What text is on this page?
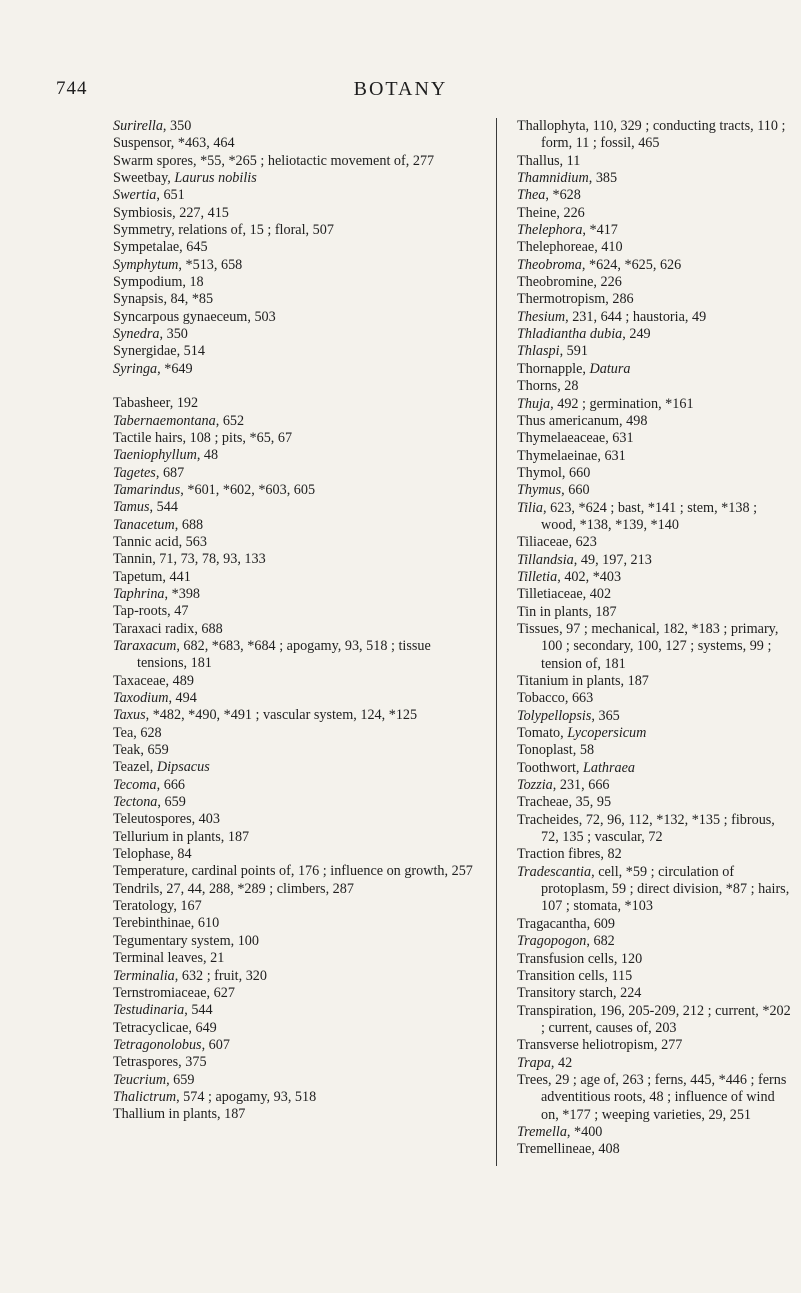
744	BOTANY
Surirella, 350
Suspensor, *463, 464
Swarm spores, *55, *265 ; heliotactic movement of, 277
Sweetbay, Laurus nobilis
Swertia, 651
Symbiosis, 227, 415
Symmetry, relations of, 15 ; floral, 507
Sympetalae, 645
Symphytum, *513, 658
Sympodium, 18
Synapsis, 84, *85
Syncarpous gynaeceum, 503
Synedra, 350
Synergidae, 514
Syringa, *649
Tabasheer, 192
Tabernaemontana, 652
Tactile hairs, 108 ; pits, *65, 67
Taeniophyllum, 48
Tagetes, 687
Tamarindus, *601, *602, *603, 605
Tamus, 544
Tanacetum, 688
Tannic acid, 563
Tannin, 71, 73, 78, 93, 133
Tapetum, 441
Taphrina, *398
Tap-roots, 47
Taraxaci radix, 688
Taraxacum, 682, *683, *684 ; apogamy, 93, 518 ; tissue tensions, 181
Taxaceae, 489
Taxodium, 494
Taxus, *482, *490, *491 ; vascular system, 124, *125
Tea, 628
Teak, 659
Teazel, Dipsacus
Tecoma, 666
Tectona, 659
Teleutospores, 403
Tellurium in plants, 187
Telophase, 84
Temperature, cardinal points of, 176 ; influence on growth, 257
Tendrils, 27, 44, 288, *289 ; climbers, 287
Teratology, 167
Terebinthinae, 610
Tegumentary system, 100
Terminal leaves, 21
Terminalia, 632 ; fruit, 320
Ternstromiaceae, 627
Testudinaria, 544
Tetracyclicae, 649
Tetragonolobus, 607
Tetraspores, 375
Teucrium, 659
Thalictrum, 574 ; apogamy, 93, 518
Thallium in plants, 187
Thallophyta, 110, 329 ; conducting tracts, 110 ; form, 11 ; fossil, 465
Thallus, 11
Thamnidium, 385
Thea, *628
Theine, 226
Thelephora, *417
Thelephoreae, 410
Theobroma, *624, *625, 626
Theobromine, 226
Thermotropism, 286
Thesium, 231, 644 ; haustoria, 49
Thladiantha dubia, 249
Thlaspi, 591
Thornapple, Datura
Thorns, 28
Thuja, 492 ; germination, *161
Thus americanum, 498
Thymelaeaceae, 631
Thymelaeinae, 631
Thymol, 660
Thymus, 660
Tilia, 623, *624 ; bast, *141 ; stem, *138 ; wood, *138, *139, *140
Tiliaceae, 623
Tillandsia, 49, 197, 213
Tilletia, 402, *403
Tilletiaceae, 402
Tin in plants, 187
Tissues, 97 ; mechanical, 182, *183 ; primary, 100 ; secondary, 100, 127 ; systems, 99 ; tension of, 181
Titanium in plants, 187
Tobacco, 663
Tolypellopsis, 365
Tomato, Lycopersicum
Tonoplast, 58
Toothwort, Lathraea
Tozzia, 231, 666
Tracheae, 35, 95
Tracheides, 72, 96, 112, *132, *135 ; fibrous, 72, 135 ; vascular, 72
Traction fibres, 82
Tradescantia, cell, *59 ; circulation of protoplasm, 59 ; direct division, *87 ; hairs, 107 ; stomata, *103
Tragacantha, 609
Tragopogon, 682
Transfusion cells, 120
Transition cells, 115
Transitory starch, 224
Transpiration, 196, 205-209, 212 ; current, *202 ; current, causes of, 203
Transverse heliotropism, 277
Trapa, 42
Trees, 29 ; age of, 263 ; ferns, 445, *446 ; ferns adventitious roots, 48 ; influence of wind on, *177 ; weeping varieties, 29, 251
Tremella, *400
Tremellineae, 408
